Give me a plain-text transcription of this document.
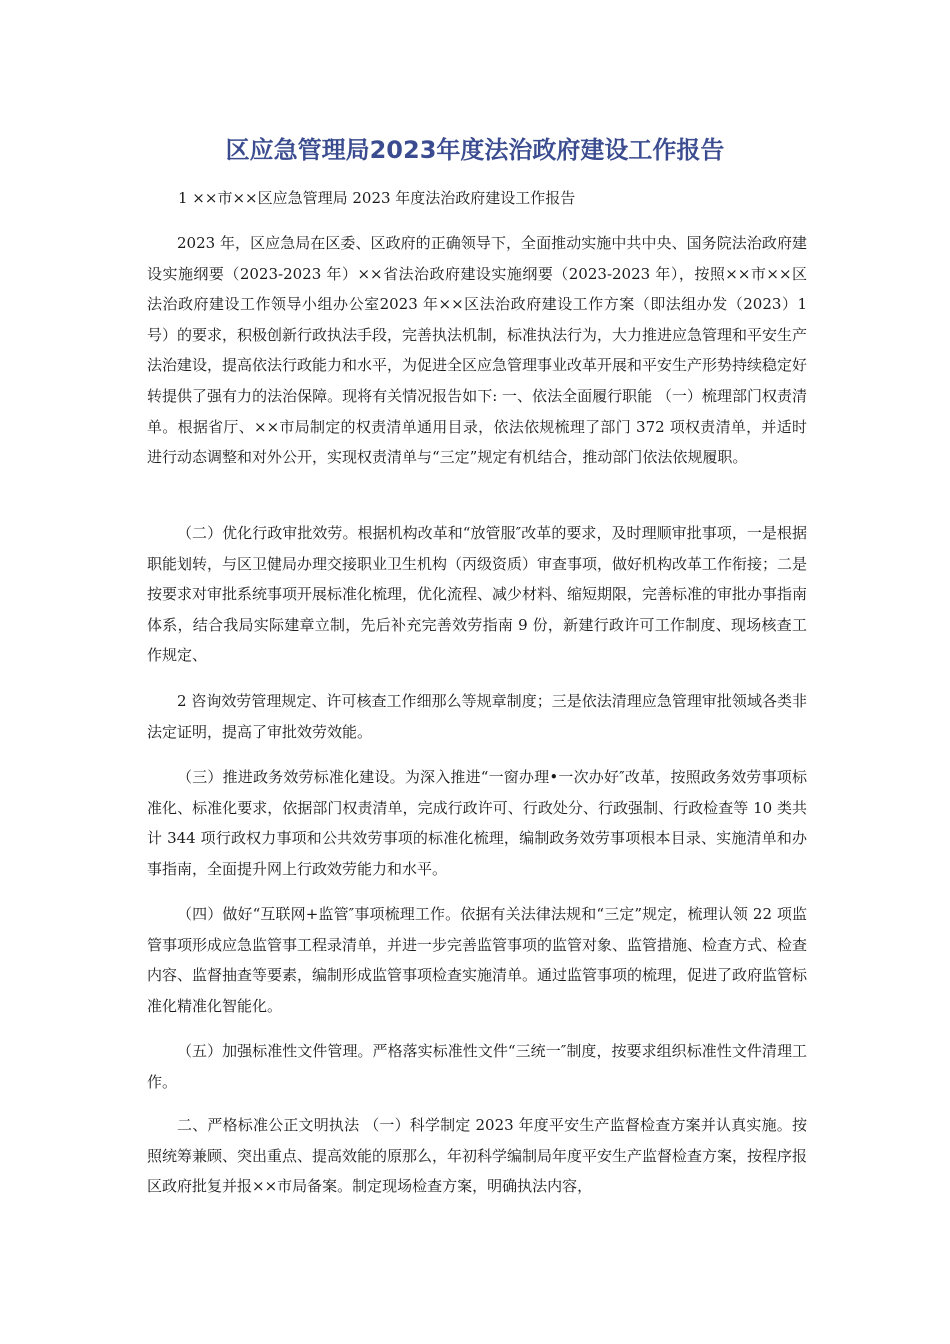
区应急管理局2023年度法治政府建设工作报告
1 ××市××区应急管理局 2023 年度法治政府建设工作报告

2023 年，区应急局在区委、区政府的正确领导下，全面推动实施中共中央、国务院法治政府建设实施纲要（2023-2023 年）××省法治政府建设实施纲要（2023-2023 年），按照××市××区法治政府建设工作领导小组办公室2023 年××区法治政府建设工作方案（即法组办发（2023）1 号）的要求，积极创新行政执法手段，完善执法机制，标准执法行为，大力推进应急管理和平安生产法治建设，提高依法行政能力和水平，为促进全区应急管理事业改革开展和平安生产形势持续稳定好转提供了强有力的法治保障。现将有关情况报告如下: 一、依法全面履行职能 （一）梳理部门权责清单。根据省厅、××市局制定的权责清单通用目录，依法依规梳理了部门 372 项权责清单，并适时进行动态调整和对外公开，实现权责清单与“三定”规定有机结合，推动部门依法依规履职。

（二）优化行政审批效劳。根据机构改革和“放管服″改革的要求，及时理顺审批事项，一是根据职能划转，与区卫健局办理交接职业卫生机构（丙级资质）审查事项，做好机构改革工作衔接；二是按要求对审批系统事项开展标准化梳理，优化流程、减少材料、缩短期限，完善标准的审批办事指南体系，结合我局实际建章立制，先后补充完善效劳指南 9 份，新建行政许可工作制度、现场核查工作规定、

2 咨询效劳管理规定、许可核查工作细那么等规章制度；三是依法清理应急管理审批领域各类非法定证明，提高了审批效劳效能。

（三）推进政务效劳标准化建设。为深入推进“一窗办理•一次办好″改革，按照政务效劳事项标准化、标准化要求，依据部门权责清单，完成行政许可、行政处分、行政强制、行政检查等 10 类共计 344 项行政权力事项和公共效劳事项的标准化梳理，编制政务效劳事项根本目录、实施清单和办事指南，全面提升网上行政效劳能力和水平。

（四）做好“互联网+监管″事项梳理工作。依据有关法律法规和“三定”规定，梳理认领 22 项监管事项形成应急监管事工程录清单，并进一步完善监管事项的监管对象、监管措施、检查方式、检查内容、监督抽查等要素，编制形成监管事项检查实施清单。通过监管事项的梳理，促进了政府监管标准化精准化智能化。

（五）加强标准性文件管理。严格落实标准性文件“三统一″制度，按要求组织标准性文件清理工作。

二、严格标准公正文明执法 （一）科学制定 2023 年度平安生产监督检查方案并认真实施。按照统筹兼顾、突出重点、提高效能的原那么，年初科学编制局年度平安生产监督检查方案，按程序报区政府批复并报××市局备案。制定现场检查方案，明确执法内容，
